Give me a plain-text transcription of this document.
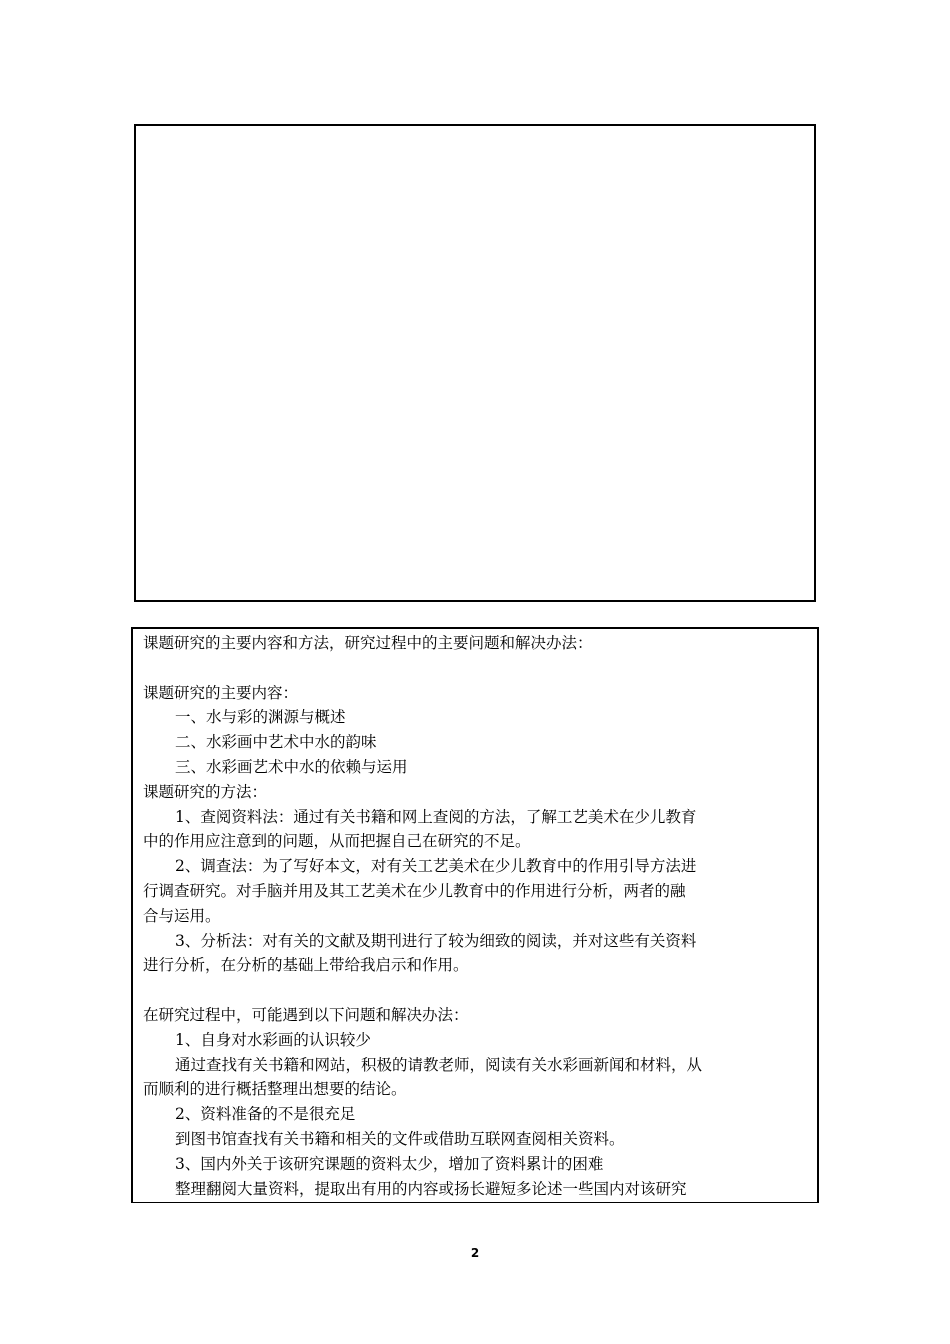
课题研究的主要内容和方法，研究过程中的主要问题和解决办法：
课题研究的主要内容：
一、水与彩的渊源与概述
二、水彩画中艺术中水的韵味
三、水彩画艺术中水的依赖与运用
课题研究的方法：
1、查阅资料法：通过有关书籍和网上查阅的方法，了解工艺美术在少儿教育
中的作用应注意到的问题，从而把握自己在研究的不足。
2、调查法：为了写好本文，对有关工艺美术在少儿教育中的作用引导方法进
行调查研究。对手脑并用及其工艺美术在少儿教育中的作用进行分析，两者的融
合与运用。
3、分析法：对有关的文献及期刊进行了较为细致的阅读，并对这些有关资料
进行分析，在分析的基础上带给我启示和作用。
在研究过程中，可能遇到以下问题和解决办法：
1、自身对水彩画的认识较少
通过查找有关书籍和网站，积极的请教老师，阅读有关水彩画新闻和材料，从
而顺利的进行概括整理出想要的结论。
2、资料准备的不是很充足
到图书馆查找有关书籍和相关的文件或借助互联网查阅相关资料。
3、国内外关于该研究课题的资料太少，增加了资料累计的困难
整理翻阅大量资料，提取出有用的内容或扬长避短多论述一些国内对该研究
2
